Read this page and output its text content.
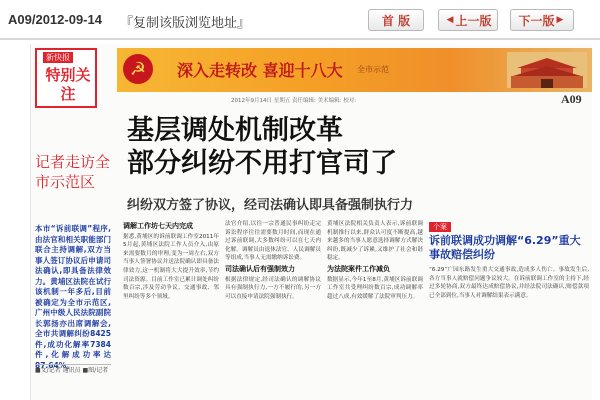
A09/2012-09-14 『复制该版浏览地址』	首 版	◀ 上一版 下一版 ▶
新快报
特别关注
记者走访全市示范区
本市“诉前联调”程序,由法官和相关职能部门联合主持调解,双方当事人签订协议后申请司法确认,即具备法律效力。黄埔区法院在试行该机制一年多后,目前被确定为全市示范区,广州中级人民法院副院长郭扬亦出席调解会,全市共调解纠纷8425件,成功化解率7384件,化解成功率达87.64%。
■文/记者 通讯员 ■图/记者
☭	深入走转改 喜迎十八大 全市示范
2012年9月14日 星期五 责任编辑: 美术编辑: 校对:	A09
基层调处机制改革
部分纠纷不用打官司了
纠纷双方签了协议，经司法确认即具备强制执行力
调解工作坊七天内完成

据悉,黄埔区的诉前联调工作室2011年5月起,黄埔区法院工作人员介入,由原来需要数月的审理,变为一周左右,双方当事人签署协议并送法院确认即具备法律效力,这一机制将大大提升效率,节约司法资源。目前工作室已累计调处纠纷数百宗,涉及劳动争议、交通事故、邻里纠纷等多个领域。

法官介绍,以往一宗普通民事纠纷走完诉讼程序往往需要数月时间,而现在通过诉前联调,大多数纠纷可以在七天内化解。调解员由退休法官、人民调解员等组成,当事人无需缴纳诉讼费。

司法确认后有强制效力

根据法律规定,经司法确认的调解协议具有强制执行力,一方不履行的,另一方可以直接申请法院强制执行。

黄埔区法院相关负责人表示,诉前联调机制推行以来,群众认可度不断提高,越来越多的当事人愿意选择调解方式解决纠纷,既减少了诉累,又维护了社会和谐稳定。

为法院案件工作减负

数据显示,今年1至8月,黄埔区诉前联调工作室共受理纠纷数百宗,成功调解率超过八成,有效缓解了法院审判压力。

个案
诉前联调成功调解“6.29”重大事故赔偿纠纷
“6.29”广园东路发生重大交通事故,造成多人伤亡。事故发生后,各方当事人就赔偿问题争议较大。在诉前联调工作室的主持下,经过多轮协商,双方最终达成赔偿协议,并经法院司法确认,赔偿款项已全部到位,当事人对调解结果表示满意。
